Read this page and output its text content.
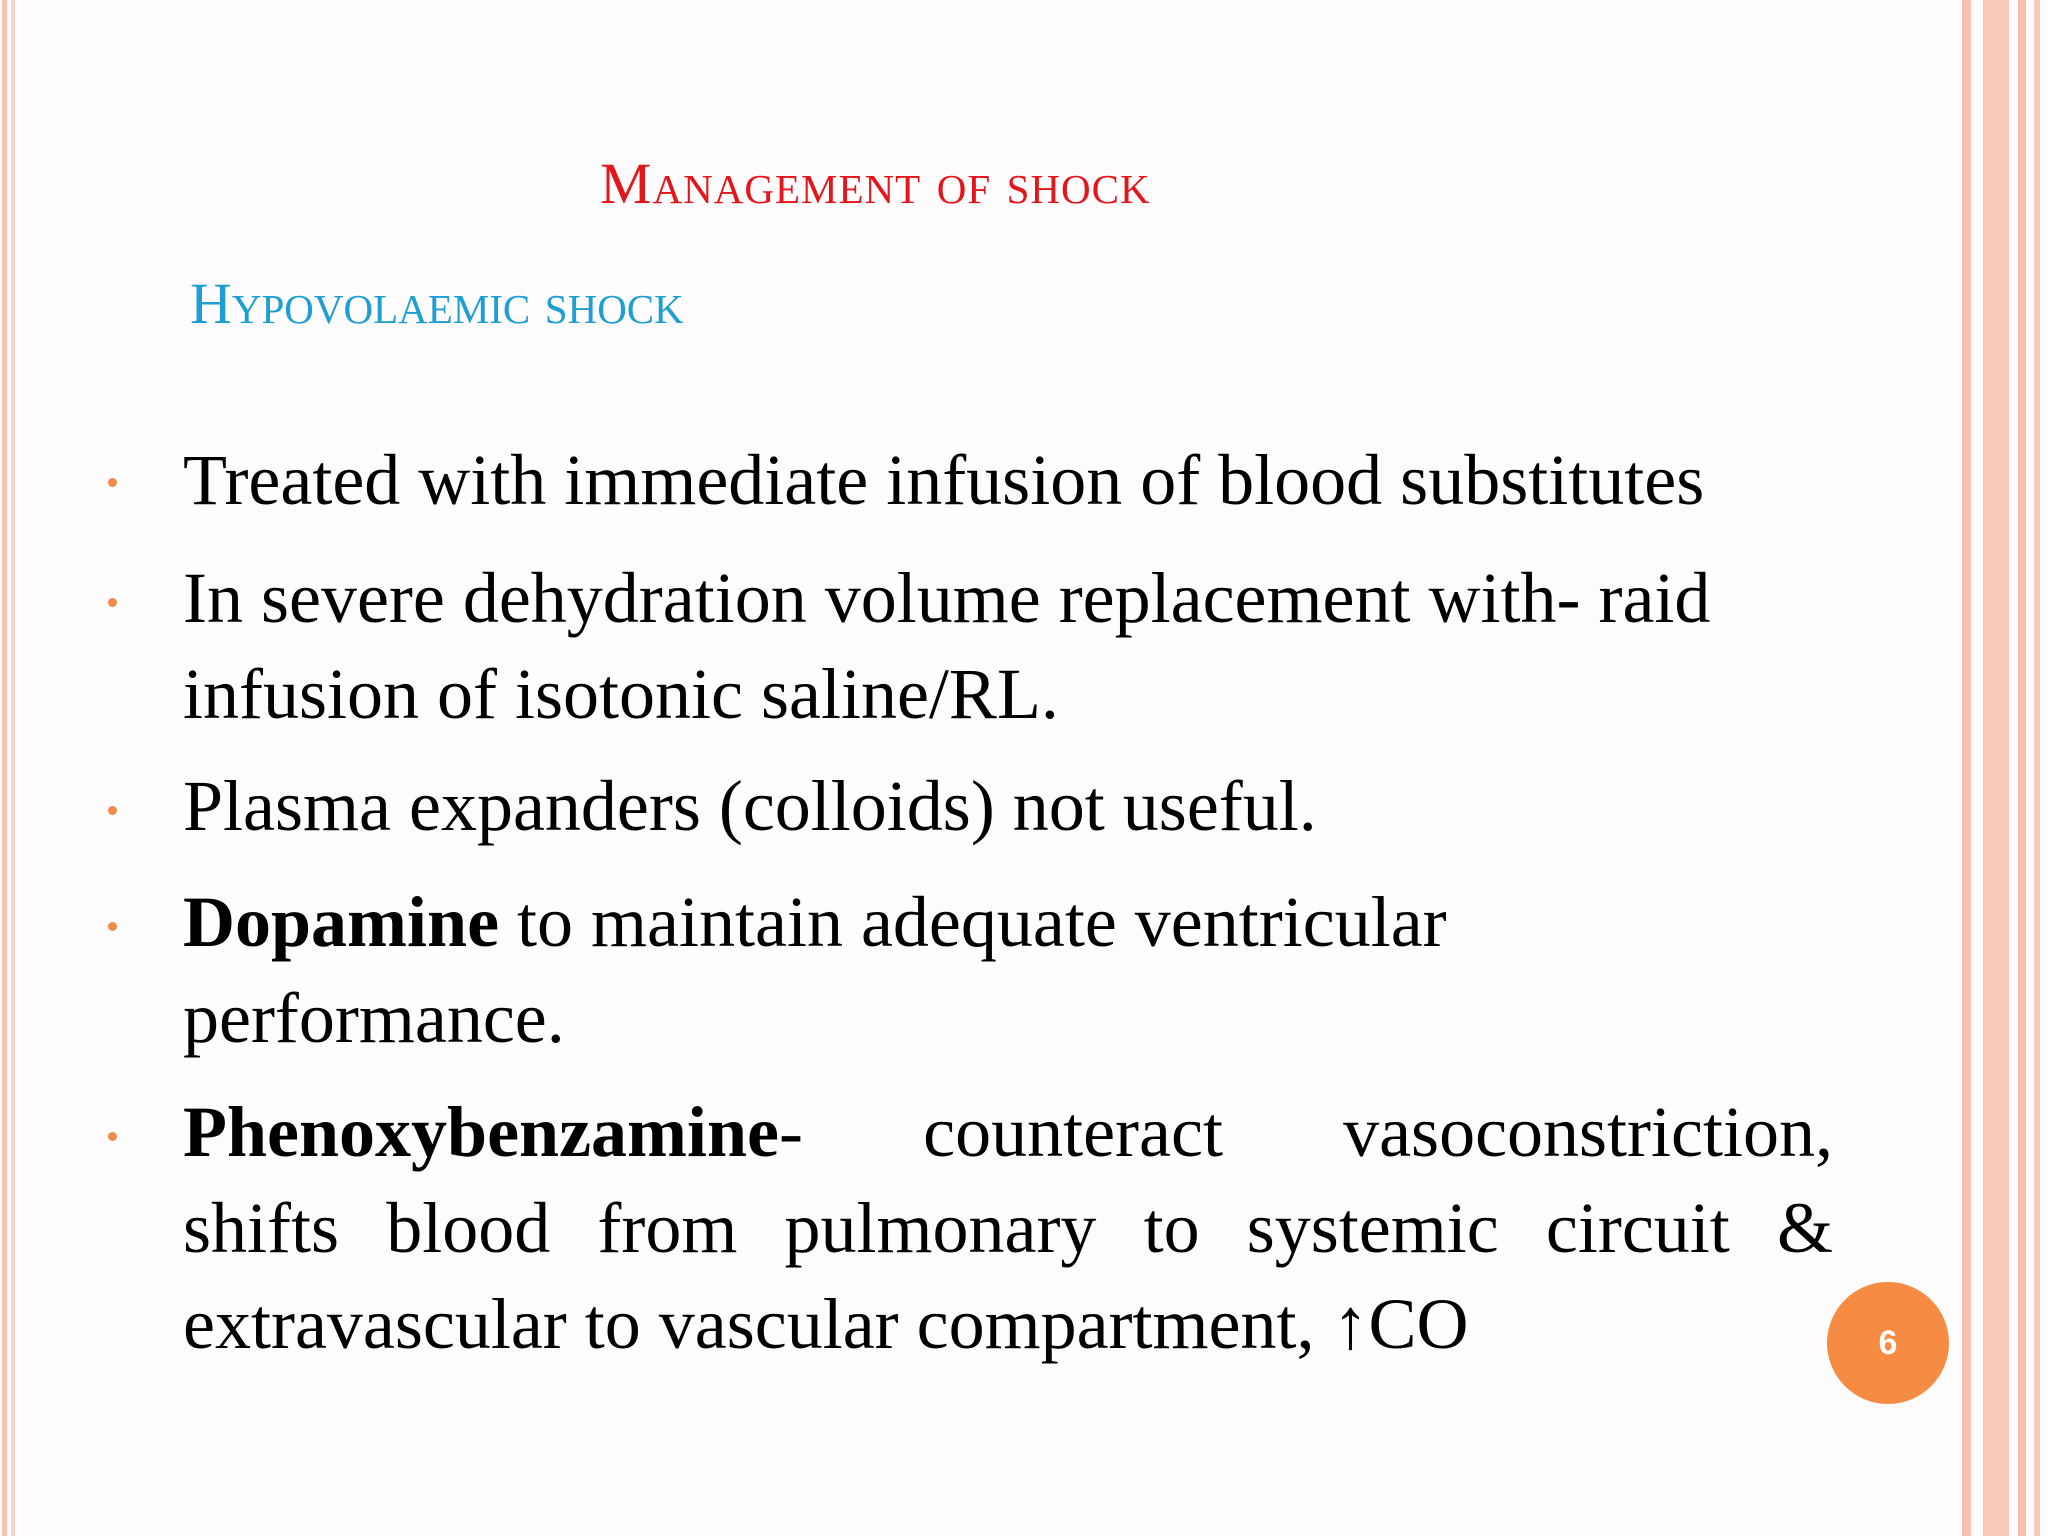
Management of shock
Hypovolaemic shock
Treated with immediate infusion of blood substitutes
In severe dehydration volume replacement with- raid
infusion of isotonic saline/RL.
Plasma expanders (colloids) not useful.
Dopamine to maintain adequate ventricular
performance.
Phenoxybenzamine- counteract vasoconstriction,
shifts blood from pulmonary to systemic circuit &
extravascular to vascular compartment, ↑CO	6
